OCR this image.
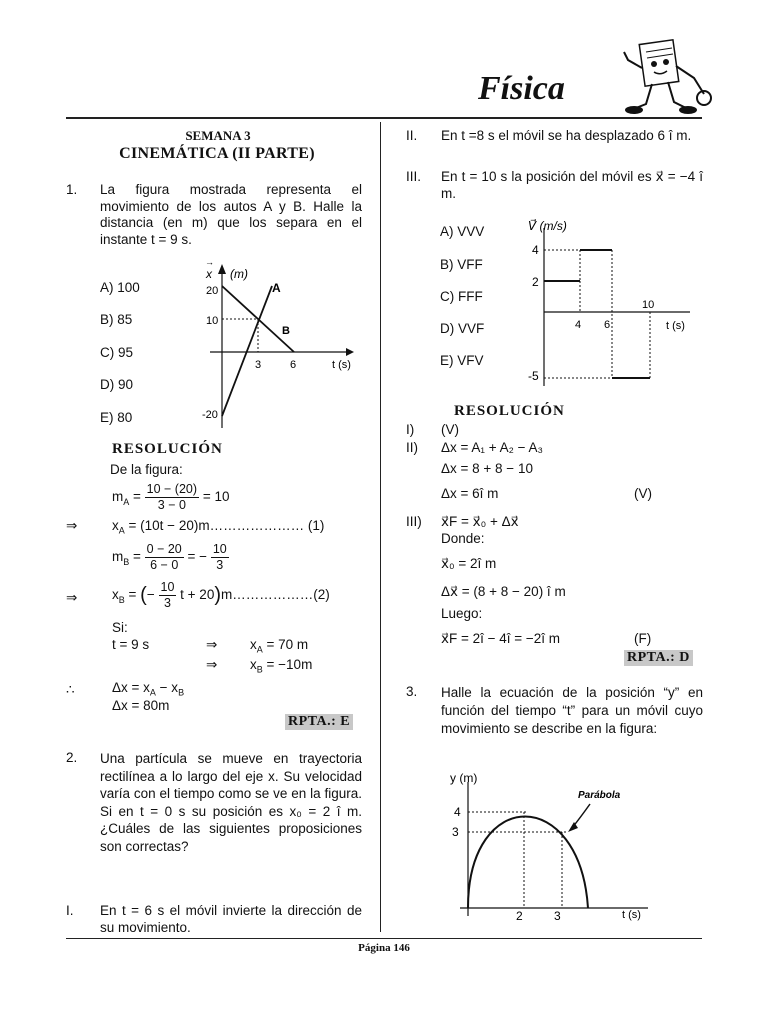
Física
SEMANA 3
CINEMÁTICA (II PARTE)
1. La figura mostrada representa el movimiento de los autos A y B. Halle la distancia (en m) que los separa en el instante t = 9 s.
A) 100
B) 85
C) 95
D) 90
E) 80
x
→
(m)
t (s)
20
10
-20
3	6
A
B
RESOLUCIÓN
De la figura:
$m_A = \frac{10 - (20)}{3 - 0} = 10$
⇒	$x_A = (10t$ − 20)m………………… (1)
$m_B = \frac{0 - 20}{6 - 0}$ = − $\frac{10}{3}$
⇒	$x_B$ = (− $\frac{10}{3}$ t + 20)m………………(2)
Si:
t = 9 s	⇒ $x_A = 70$ m
⇒ $x_B = -10m$
∴	$\Delta x = x_A - x_B$
Δx = 80m
RPTA.: E
2. Una partícula se mueve en trayectoria rectilínea a lo largo del eje x. Su velocidad varía con el tiempo como se ve en la figura. Si en t = 0 s su posición es x₀ = 2 î m. ¿Cuáles de las siguientes proposiciones son correctas?
I. En t = 6 s el móvil invierte la dirección de su movimiento.
II. En t =8 s el móvil se ha desplazado 6 î m.
III. En t = 10 s la posición del móvil es x⃗ = −4 î m.
A) VVV
B) VFF
C) FFF
D) VVF
E) VFV
V⃗ (m/s)
t (s)
4
2
-5
4 6
10
RESOLUCIÓN
I) (V)
II) Δx = A₁ + A₂ − A₃
Δx = 8 + 8 − 10
Δx = 6î m	(V)
III) x⃗F = x⃗₀ + Δx⃗
Donde:
x⃗₀ = 2î m
Δx⃗ = (8 + 8 − 20) î m
Luego:
x⃗F = 2î − 4î = −2î m	(F)
RPTA.: D
3. Halle la ecuación de la posición “y” en función del tiempo “t” para un móvil cuyo movimiento se describe en la figura:
y (m)
t (s)
4
3
2	3
Parábola
Página 146
